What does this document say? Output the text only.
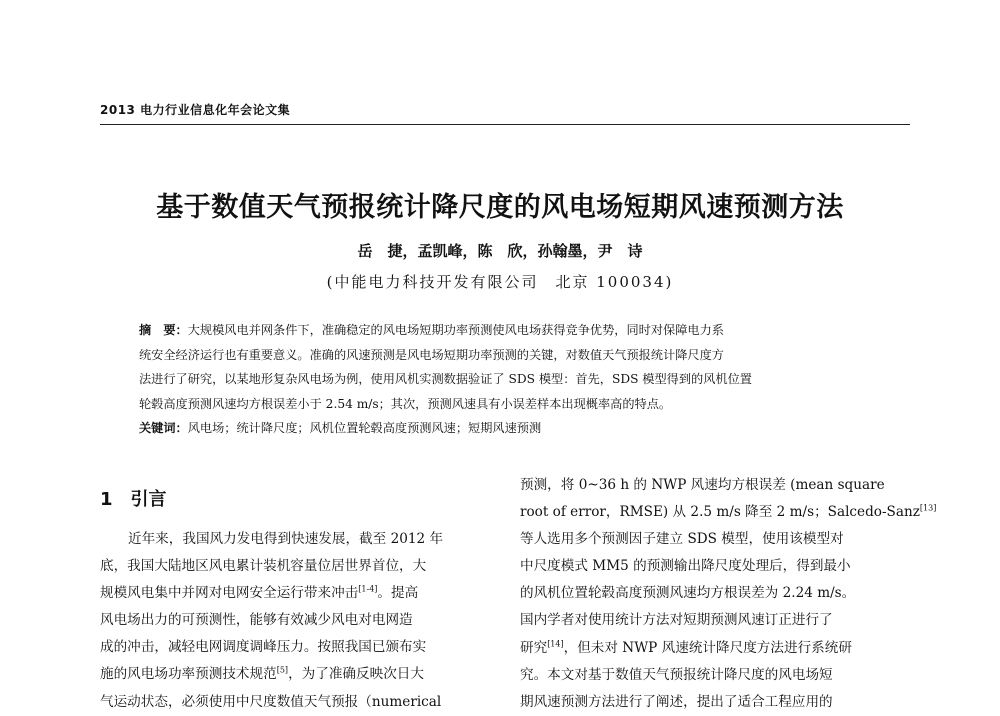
2013 电力行业信息化年会论文集
基于数值天气预报统计降尺度的风电场短期风速预测方法
岳　捷，孟凯峰，陈　欣，孙翰墨，尹　诗
(中能电力科技开发有限公司　北京 100034)
摘　要：大规模风电并网条件下，准确稳定的风电场短期功率预测使风电场获得竞争优势，同时对保障电力系
统安全经济运行也有重要意义。准确的风速预测是风电场短期功率预测的关键，对数值天气预报统计降尺度方
法进行了研究，以某地形复杂风电场为例，使用风机实测数据验证了 SDS 模型：首先，SDS 模型得到的风机位置
轮毂高度预测风速均方根误差小于 2.54 m/s；其次，预测风速具有小误差样本出现概率高的特点。
关键词：风电场；统计降尺度；风机位置轮毂高度预测风速；短期风速预测
1 引言
近年来，我国风力发电得到快速发展，截至 2012 年
底，我国大陆地区风电累计装机容量位居世界首位，大
规模风电集中并网对电网安全运行带来冲击[1-4]。提高
风电场出力的可预测性，能够有效减少风电对电网造
成的冲击，减轻电网调度调峰压力。按照我国已颁布实
施的风电场功率预测技术规范[5]，为了准确反映次日大
气运动状态，必须使用中尺度数值天气预报（numerical
预测，将 0~36 h 的 NWP 风速均方根误差 (mean square
root of error，RMSE) 从 2.5 m/s 降至 2 m/s；Salcedo-Sanz[13]
等人选用多个预测因子建立 SDS 模型，使用该模型对
中尺度模式 MM5 的预测输出降尺度处理后，得到最小
的风机位置轮毂高度预测风速均方根误差为 2.24 m/s。
国内学者对使用统计方法对短期预测风速订正进行了
研究[14]，但未对 NWP 风速统计降尺度方法进行系统研
究。本文对基于数值天气预报统计降尺度的风电场短
期风速预测方法进行了阐述，提出了适合工程应用的
